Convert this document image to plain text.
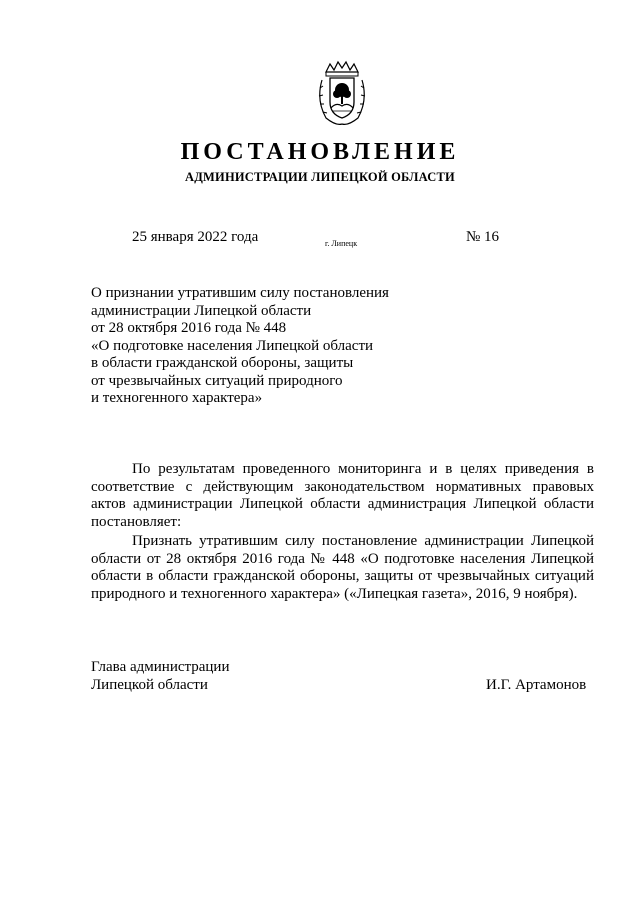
ПОСТАНОВЛЕНИЕ
АДМИНИСТРАЦИИ ЛИПЕЦКОЙ ОБЛАСТИ
25 января 2022 года	г. Липецк	№ 16
О признании утратившим силу постановления
администрации Липецкой области
от 28 октября 2016 года № 448
«О подготовке населения Липецкой области
в области гражданской обороны, защиты
от чрезвычайных ситуаций природного
и техногенного характера»

По результатам проведенного мониторинга и в целях приведения в соответствие с действующим законодательством нормативных правовых актов администрации Липецкой области администрация Липецкой области постановляет:

Признать утратившим силу постановление администрации Липецкой области от 28 октября 2016 года № 448 «О подготовке населения Липецкой области в области гражданской обороны, защиты от чрезвычайных ситуаций природного и техногенного характера» («Липецкая газета», 2016, 9 ноября).

Глава администрации
Липецкой области	И.Г. Артамонов
